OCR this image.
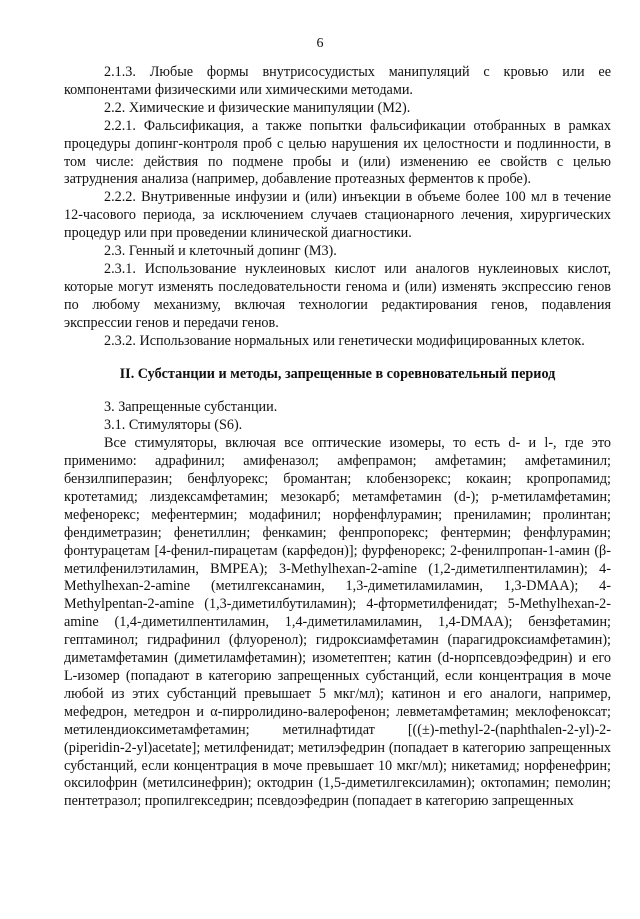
6

2.1.3. Любые формы внутрисосудистых манипуляций с кровью или ее компонентами физическими или химическими методами.

2.2. Химические и физические манипуляции (М2).

2.2.1. Фальсификация, а также попытки фальсификации отобранных в рамках процедуры допинг-контроля проб с целью нарушения их целостности и подлинности, в том числе: действия по подмене пробы и (или) изменению ее свойств с целью затруднения анализа (например, добавление протеазных ферментов к пробе).

2.2.2. Внутривенные инфузии и (или) инъекции в объеме более 100 мл в течение 12-часового периода, за исключением случаев стационарного лечения, хирургических процедур или при проведении клинической диагностики.

2.3. Генный и клеточный допинг (М3).

2.3.1. Использование нуклеиновых кислот или аналогов нуклеиновых кислот, которые могут изменять последовательности генома и (или) изменять экспрессию генов по любому механизму, включая технологии редактирования генов, подавления экспрессии генов и передачи генов.

2.3.2. Использование нормальных или генетически модифицированных клеток.

II. Субстанции и методы, запрещенные в соревновательный период

3. Запрещенные субстанции.

3.1. Стимуляторы (S6).

Все стимуляторы, включая все оптические изомеры, то есть d- и l-, где это применимо: адрафинил; амифеназол; амфепрамон; амфетамин; амфетаминил; бензилпиперазин; бенфлуорекс; бромантан; клобензорекс; кокаин; кропропамид; кротетамид; лиздексамфетамин; мезокарб; метамфетамин (d-); p-метиламфетамин; мефенорекс; мефентермин; модафинил; норфенфлурамин; прениламин; пролинтан; фендиметразин; фенетиллин; фенкамин; фенпропорекс; фентермин; фенфлурамин; фонтурацетам [4-фенил-пирацетам (карфедон)]; фурфенорекс; 2-фенилпропан-1-амин (β-метилфенилэтиламин, BMPEA); 3-Methylhexan-2-amine (1,2-диметилпентиламин); 4-Methylhexan-2-amine (метилгексанамин, 1,3-диметиламиламин, 1,3-DMAA); 4-Methylpentan-2-amine (1,3-диметилбутиламин); 4-фторметилфенидат; 5-Methylhexan-2-amine (1,4-диметилпентиламин, 1,4-диметиламиламин, 1,4-DMAA); бензфетамин; гептаминол; гидрафинил (флуоренол); гидроксиамфетамин (парагидроксиамфетамин); диметамфетамин (диметиламфетамин); изометептен; катин (d-норпсевдоэфедрин) и его L-изомер (попадают в категорию запрещенных субстанций, если концентрация в моче любой из этих субстанций превышает 5 мкг/мл); катинон и его аналоги, например, мефедрон, метедрон и α-пирролидино-валерофенон; левметамфетамин; меклофеноксат; метилендиоксиметамфетамин; метилнафтидат [((±)-methyl-2-(naphthalen-2-yl)-2-(piperidin-2-yl)acetate]; метилфенидат; метилэфедрин (попадает в категорию запрещенных субстанций, если концентрация в моче превышает 10 мкг/мл); никетамид; норфенефрин; оксилофрин (метилсинефрин); октодрин (1,5-диметилгексиламин); октопамин; пемолин; пентетразол; пропилгекседрин; псевдоэфедрин (попадает в категорию запрещенных
